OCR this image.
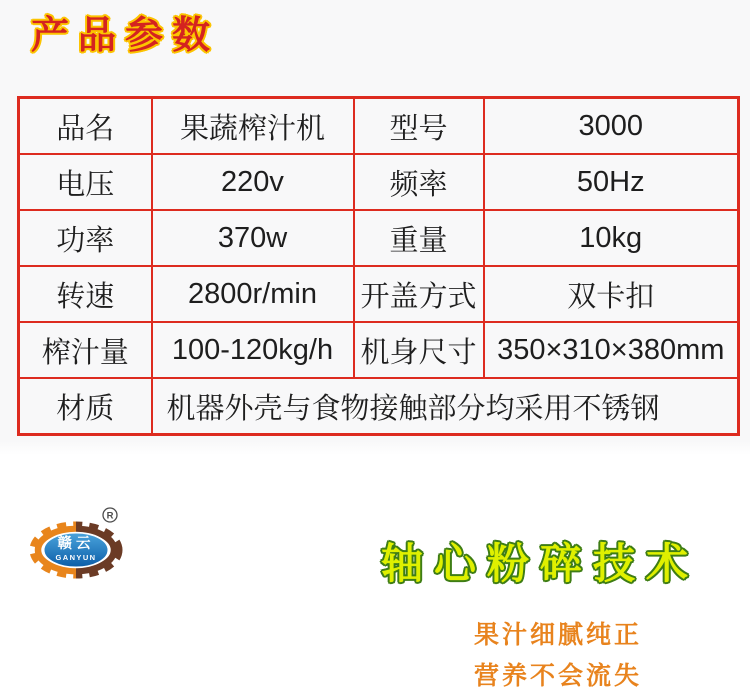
产品参数
品名	果蔬榨汁机	型号	3000
电压	220v	频率	50Hz
功率	370w	重量	10kg
转速	2800r/min	开盖方式	双卡扣
榨汁量	100-120kg/h	机身尺寸	350×310×380mm
材质	机器外壳与食物接触部分均采用不锈钢		
赣云
GANYUN
R
轴心粉碎技术
果汁细腻纯正
营养不会流失
